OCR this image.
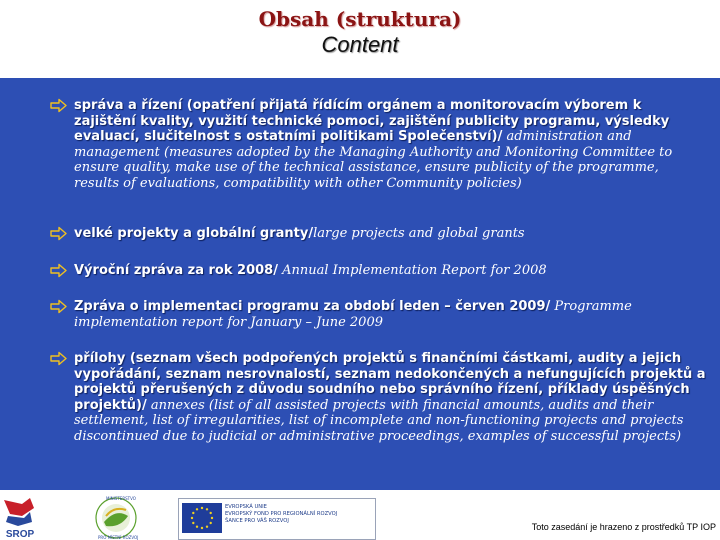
Obsah (struktura)
Content
správa a řízení (opatření přijatá řídícím orgánem a monitorovacím výborem k zajištění kvality, využití technické pomoci, zajištění publicity programu, výsledky evaluací, slučitelnost s ostatními politikami Společenství)/ administration and management (measures adopted by the Managing Authority and Monitoring Committee to ensure quality, make use of the technical assistance, ensure publicity of the programme, results of evaluations, compatibility with other Community policies)
velké projekty a globální granty/large projects and global grants
Výroční zpráva za rok 2008/ Annual Implementation Report for 2008
Zpráva o implementaci programu za období leden – červen 2009/ Programme implementation report for January – June 2009
přílohy (seznam všech podpořených projektů s finančními částkami, audity a jejich vypořádání, seznam nesrovnalostí, seznam nedokončených a nefungujících projektů a projektů přerušených z důvodu soudního nebo správního řízení, příklady úspěšných projektů)/ annexes (list of all assisted projects with financial amounts, audits and their settlement, list of irregularities, list of incomplete and non-functioning projects and projects discontinued due to judicial or administrative proceedings, examples of successful projects)
SROP
MINISTERSTVO
PRO MÍSTNÍ ROZVOJ
EVROPSKÁ UNIE
EVROPSKÝ FOND PRO REGIONÁLNÍ ROZVOJ
ŠANCE PRO VÁŠ ROZVOJ
Toto zasedání je hrazeno z prostředků TP IOP
